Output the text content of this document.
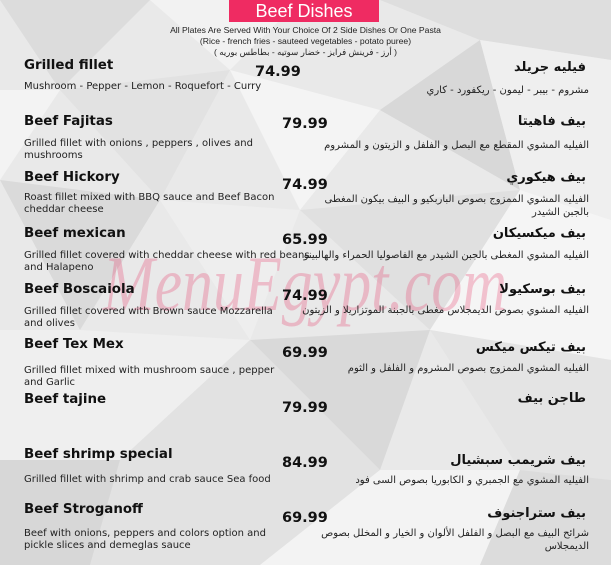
MenuEgypt.com
Beef Dishes
All Plates Are Served With Your Choice Of 2 Side Dishes Or One Pasta
(Rice - french fries - sauteed vegetables - potato puree)
( أرز - فرينش فرايز - خضار سوتيه - بطاطس بوريه )
Grilled fillet	74.99
Mushroom - Pepper - Lemon - Roquefort - Curry
فيليه جريلد
مشروم - بيبر - ليمون - ريكفورد - كاري
Beef Fajitas	79.99
Grilled fillet with onions , peppers , olives and mushrooms
بيف فاهيتا
الفيليه المشوي المقطع مع البصل و الفلفل و الزيتون و المشروم
Beef Hickory	74.99
Roast fillet mixed with BBQ sauce and Beef Bacon cheddar cheese
بيف هيكوري
الفيليه المشوي الممزوج بصوص الباربكيو و البيف بيكون المغطى بالجبن الشيدر
Beef mexican	65.99
Grilled fillet covered with cheddar cheese with red beans and Halapeno
بيف ميكسيكان
الفيليه المشوي المغطى بالجبن الشيدر مع الفاصوليا الحمراء والهالبينو
Beef Boscaiola	74.99
Grilled fillet covered with Brown sauce Mozzarella and olives
بيف بوسكيولا
الفيليه المشوي بصوص الديمجلاس مغطى بالجبنة الموتزاريلا و الزيتون
Beef Tex Mex
69.99
Grilled fillet mixed with mushroom sauce , pepper and Garlic
بيف تيكس ميكس
الفيليه المشوي الممزوج بصوص المشروم و الفلفل و الثوم
Beef tajine
79.99
طاجن بيف
Beef shrimp special
84.99
Grilled fillet with shrimp and crab sauce Sea food
بيف شريمب سبشيال
الفيليه المشوي مع الجمبري و الكابوريا بصوص السى فود
Beef Stroganoff
69.99
Beef with onions, peppers and colors option and pickle slices and demeglas sauce
بيف ستراجنوف
شرائح البيف مع البصل و الفلفل الألوان و الخيار و المخلل بصوص الديمجلاس
